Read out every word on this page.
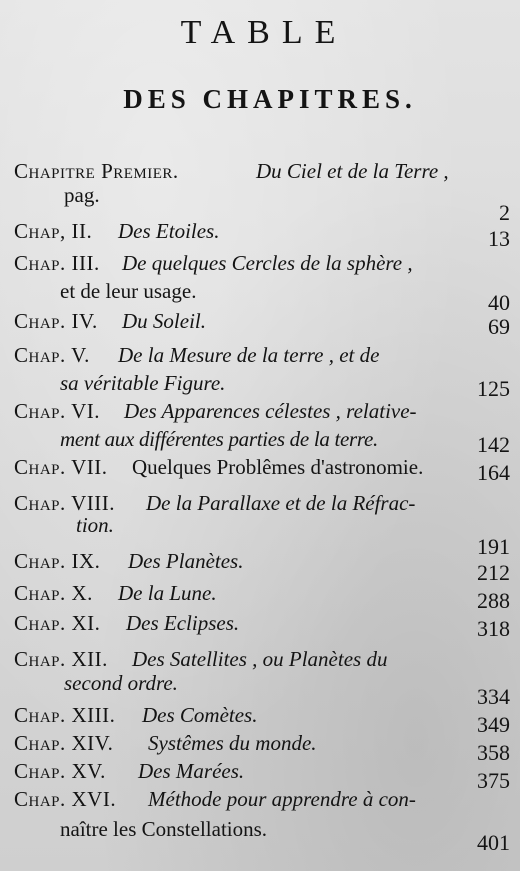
TABLE
DES CHAPITRES.
Chapitre Premier.	Du Ciel et de la Terre ,
pag.
2
Chap, II. Des Etoiles.	13
Chap. III. De quelques Cercles de la sphère ,
et de leur usage.	40
Chap. IV. Du Soleil.	69
Chap. V. De la Mesure de la terre , et de
sa véritable Figure.	125
Chap. VI. Des Apparences célestes , relative-
ment aux différentes parties de la terre.	142
Chap. VII. Quelques Problêmes d'astronomie. 164
Chap. VIII. De la Parallaxe et de la Réfrac-
tion.
191
Chap. IX. Des Planètes.	212
Chap. X. De la Lune.	288
Chap. XI. Des Eclipses.	318
Chap. XII. Des Satellites , ou Planètes du
second ordre.
334
Chap. XIII. Des Comètes.	349
Chap. XIV. Systêmes du monde.	358
Chap. XV. Des Marées.	375
Chap. XVI. Méthode pour apprendre à con-
naître les Constellations.
401
